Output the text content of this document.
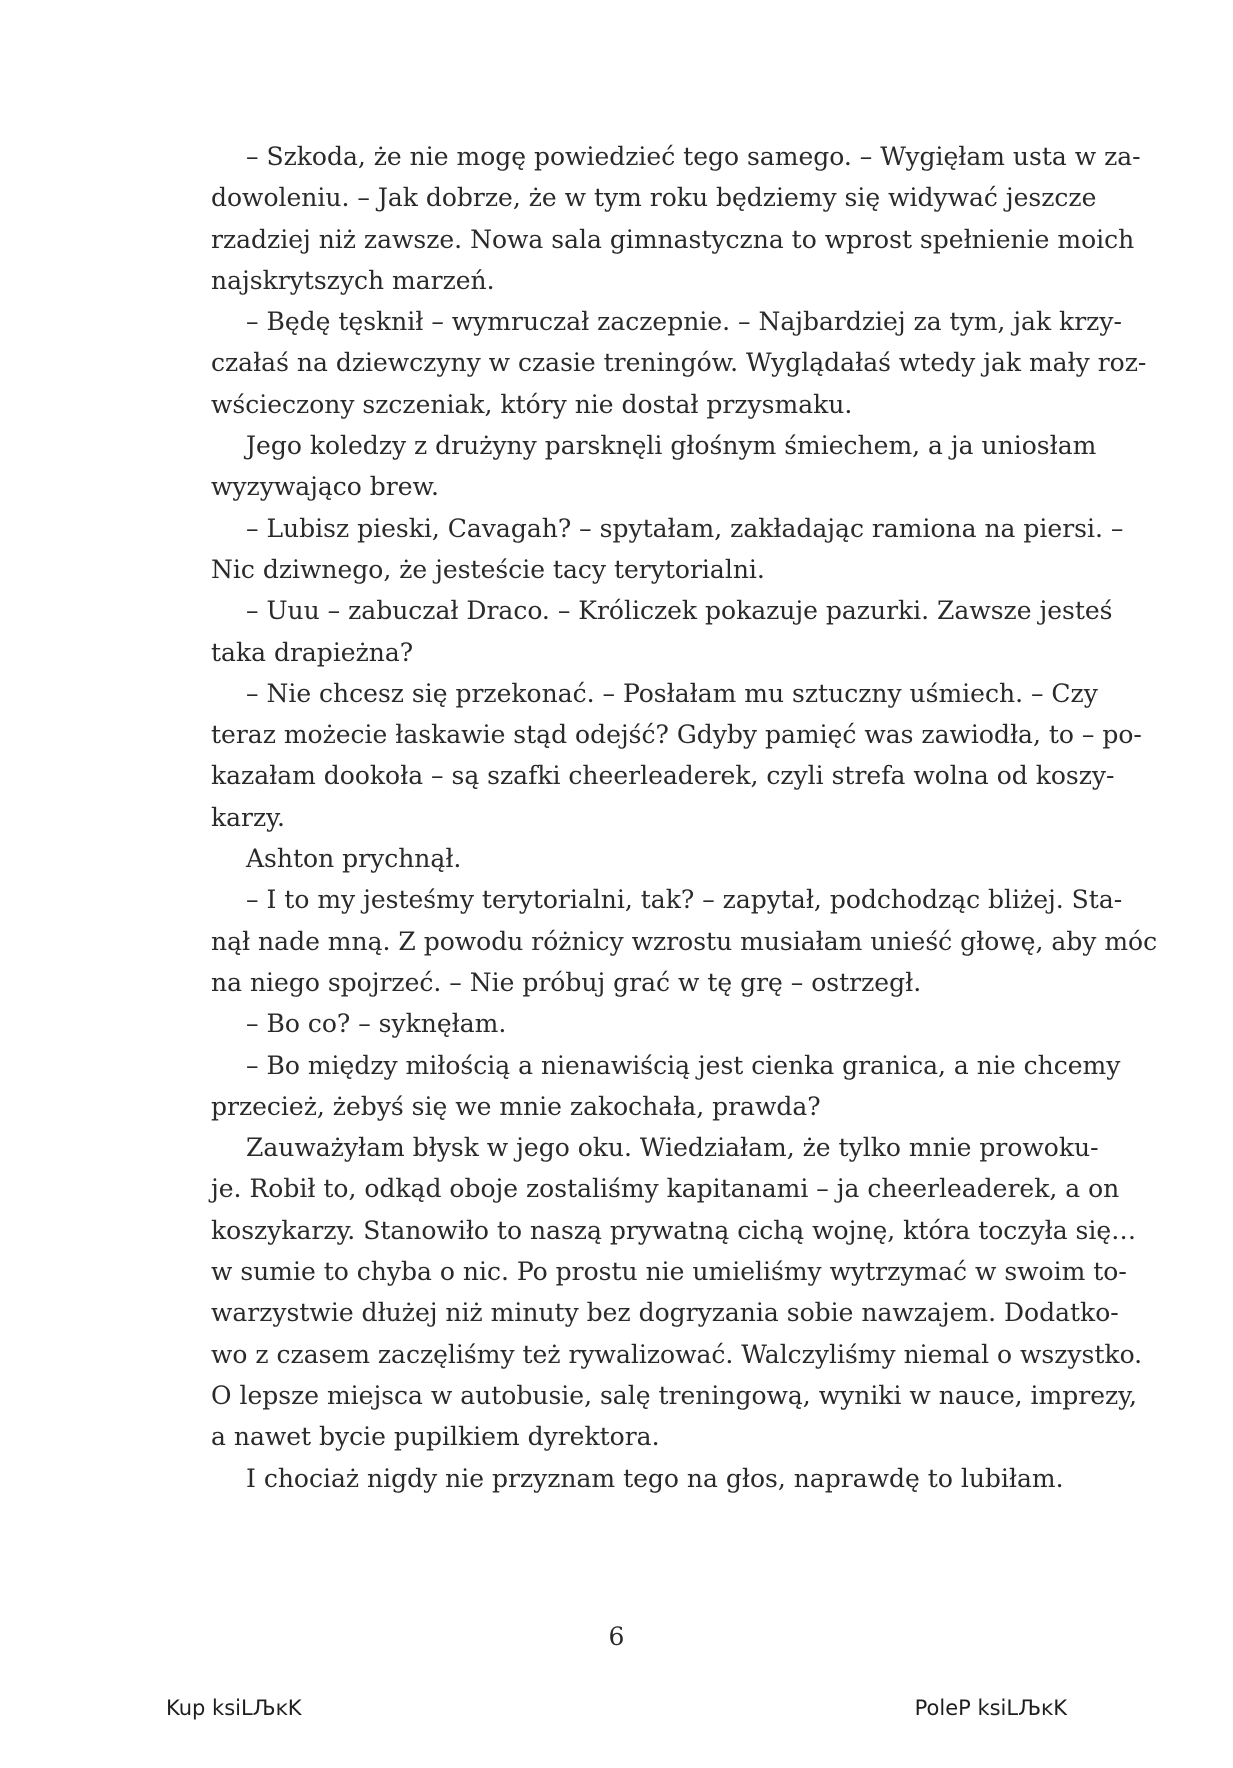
– Szkoda, że nie mogę powiedzieć tego samego. – Wygięłam usta w za-
dowoleniu. – Jak dobrze, że w tym roku będziemy się widywać jeszcze
rzadziej niż zawsze. Nowa sala gimnastyczna to wprost spełnienie moich
najskrytszych marzeń.
– Będę tęsknił – wymruczał zaczepnie. – Najbardziej za tym, jak krzy-
czałaś na dziewczyny w czasie treningów. Wyglądałaś wtedy jak mały roz-
wścieczony szczeniak, który nie dostał przysmaku.
Jego koledzy z drużyny parsknęli głośnym śmiechem, a ja uniosłam
wyzywająco brew.
– Lubisz pieski, Cavagah? – spytałam, zakładając ramiona na piersi. –
Nic dziwnego, że jesteście tacy terytorialni.
– Uuu – zabuczał Draco. – Króliczek pokazuje pazurki. Zawsze jesteś
taka drapieżna?
– Nie chcesz się przekonać. – Posłałam mu sztuczny uśmiech. – Czy
teraz możecie łaskawie stąd odejść? Gdyby pamięć was zawiodła, to – po-
kazałam dookoła – są szafki cheerleaderek, czyli strefa wolna od koszy-
karzy.
Ashton prychnął.
– I to my jesteśmy terytorialni, tak? – zapytał, podchodząc bliżej. Sta-
nął nade mną. Z powodu różnicy wzrostu musiałam unieść głowę, aby móc
na niego spojrzeć. – Nie próbuj grać w tę grę – ostrzegł.
– Bo co? – syknęłam.
– Bo między miłością a nienawiścią jest cienka granica, a nie chcemy
przecież, żebyś się we mnie zakochała, prawda?
Zauważyłam błysk w jego oku. Wiedziałam, że tylko mnie prowoku-
je. Robił to, odkąd oboje zostaliśmy kapitanami – ja cheerleaderek, a on
koszykarzy. Stanowiło to naszą prywatną cichą wojnę, która toczyła się…
w sumie to chyba o nic. Po prostu nie umieliśmy wytrzymać w swoim to-
warzystwie dłużej niż minuty bez dogryzania sobie nawzajem. Dodatko-
wo z czasem zaczęliśmy też rywalizować. Walczyliśmy niemal o wszystko.
O lepsze miejsca w autobusie, salę treningową, wyniki w nauce, imprezy,
a nawet bycie pupilkiem dyrektora.
I chociaż nigdy nie przyznam tego na głos, naprawdę to lubiłam.
6
Kup ksiLЉĸK	PoleP ksiLЉĸK
